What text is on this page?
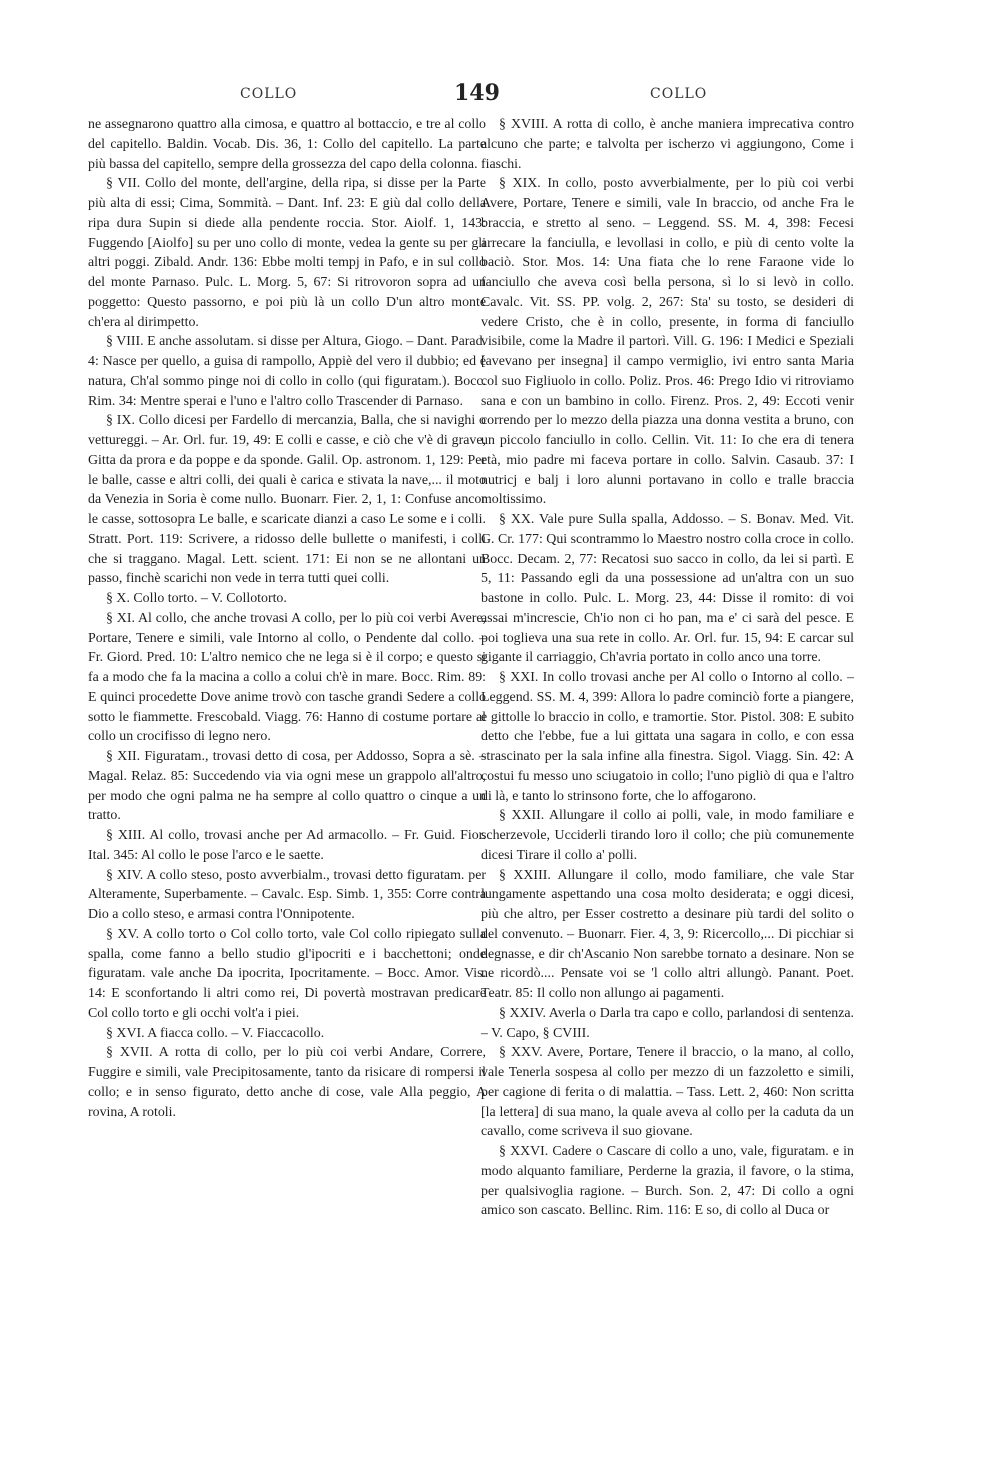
COLLO	149	COLLO

ne assegnarono quattro alla cimosa, e quattro al bottaccio, e tre al collo del capitello. Baldin. Vocab. Dis. 36, 1: Collo del capitello. La parte più bassa del capitello, sempre della grossezza del capo della colonna.

§ VII. Collo del monte, dell'argine, della ripa, si disse per la Parte più alta di essi; Cima, Sommità. – Dant. Inf. 23: E giù dal collo della ripa dura Supin si diede alla pendente roccia. Stor. Aiolf. 1, 143: Fuggendo [Aiolfo] su per uno collo di monte, vedea la gente su per gli altri poggi. Zibald. Andr. 136: Ebbe molti tempj in Pafo, e in sul collo del monte Parnaso. Pulc. L. Morg. 5, 67: Si ritrovoron sopra ad un poggetto: Questo passorno, e poi più là un collo D'un altro monte ch'era al dirimpetto.

§ VIII. E anche assolutam. si disse per Altura, Giogo. – Dant. Parad. 4: Nasce per quello, a guisa di rampollo, Appiè del vero il dubbio; ed è natura, Ch'al sommo pinge noi di collo in collo (qui figuratam.). Bocc. Rim. 34: Mentre sperai e l'uno e l'altro collo Trascender di Parnaso.

§ IX. Collo dicesi per Fardello di mercanzia, Balla, che si navighi o vettureggi. – Ar. Orl. fur. 19, 49: E colli e casse, e ciò che v'è di grave, Gitta da prora e da poppe e da sponde. Galil. Op. astronom. 1, 129: Per le balle, casse e altri colli, dei quali è carica e stivata la nave,... il moto da Venezia in Soria è come nullo. Buonarr. Fier. 2, 1, 1: Confuse ancor le casse, sottosopra Le balle, e scaricate dianzi a caso Le some e i colli. Stratt. Port. 119: Scrivere, a ridosso delle bullette o manifesti, i colli che si traggano. Magal. Lett. scient. 171: Ei non se ne allontani un passo, finchè scarichi non vede in terra tutti quei colli.

§ X. Collo torto. – V. Collotorto.

§ XI. Al collo, che anche trovasi A collo, per lo più coi verbi Avere, Portare, Tenere e simili, vale Intorno al collo, o Pendente dal collo. – Fr. Giord. Pred. 10: L'altro nemico che ne lega si è il corpo; e questo si fa a modo che fa la macina a collo a colui ch'è in mare. Bocc. Rim. 89: E quinci procedette Dove anime trovò con tasche grandi Sedere a collo sotto le fiammette. Frescobald. Viagg. 76: Hanno di costume portare al collo un crocifisso di legno nero.

§ XII. Figuratam., trovasi detto di cosa, per Addosso, Sopra a sè. – Magal. Relaz. 85: Succedendo via via ogni mese un grappolo all'altro, per modo che ogni palma ne ha sempre al collo quattro o cinque a un tratto.

§ XIII. Al collo, trovasi anche per Ad armacollo. – Fr. Guid. Fior. Ital. 345: Al collo le pose l'arco e le saette.

§ XIV. A collo steso, posto avverbialm., trovasi detto figuratam. per Alteramente, Superbamente. – Cavalc. Esp. Simb. 1, 355: Corre contra Dio a collo steso, e armasi contra l'Onnipotente.

§ XV. A collo torto o Col collo torto, vale Col collo ripiegato sulla spalla, come fanno a bello studio gl'ipocriti e i bacchettoni; onde figuratam. vale anche Da ipocrita, Ipocritamente. – Bocc. Amor. Vis. 14: E sconfortando li altri como rei, Di povertà mostravan predicare Col collo torto e gli occhi volt'a i piei.

§ XVI. A fiacca collo. – V. Fiaccacollo.

§ XVII. A rotta di collo, per lo più coi verbi Andare, Correre, Fuggire e simili, vale Precipitosamente, tanto da risicare di rompersi il collo; e in senso figurato, detto anche di cose, vale Alla peggio, A rovina, A rotoli.

§ XVIII. A rotta di collo, è anche maniera imprecativa contro alcuno che parte; e talvolta per ischerzo vi aggiungono, Come i fiaschi.

§ XIX. In collo, posto avverbialmente, per lo più coi verbi Avere, Portare, Tenere e simili, vale In braccio, od anche Fra le braccia, e stretto al seno. – Leggend. SS. M. 4, 398: Fecesi arrecare la fanciulla, e levollasi in collo, e più di cento volte la baciò. Stor. Mos. 14: Una fiata che lo rene Faraone vide lo fanciullo che aveva così bella persona, sì lo si levò in collo. Cavalc. Vit. SS. PP. volg. 2, 267: Sta' su tosto, se desideri di vedere Cristo, che è in collo, presente, in forma di fanciullo visibile, come la Madre il partorì. Vill. G. 196: I Medici e Speziali [avevano per insegna] il campo vermiglio, ivi entro santa Maria col suo Figliuolo in collo. Poliz. Pros. 46: Prego Idio vi ritroviamo sana e con un bambino in collo. Firenz. Pros. 2, 49: Eccoti venir correndo per lo mezzo della piazza una donna vestita a bruno, con un piccolo fanciullo in collo. Cellin. Vit. 11: Io che era di tenera età, mio padre mi faceva portare in collo. Salvin. Casaub. 37: I nutricj e balj i loro alunni portavano in collo e tralle braccia moltissimo.

§ XX. Vale pure Sulla spalla, Addosso. – S. Bonav. Med. Vit. G. Cr. 177: Qui scontrammo lo Maestro nostro colla croce in collo. Bocc. Decam. 2, 77: Recatosi suo sacco in collo, da lei si partì. E 5, 11: Passando egli da una possessione ad un'altra con un suo bastone in collo. Pulc. L. Morg. 23, 44: Disse il romito: di voi assai m'increscie, Ch'io non ci ho pan, ma e' ci sarà del pesce. E poi toglieva una sua rete in collo. Ar. Orl. fur. 15, 94: E carcar sul gigante il carriaggio, Ch'avria portato in collo anco una torre.

§ XXI. In collo trovasi anche per Al collo o Intorno al collo. – Leggend. SS. M. 4, 399: Allora lo padre cominciò forte a piangere, e gittolle lo braccio in collo, e tramortie. Stor. Pistol. 308: E subito detto che l'ebbe, fue a lui gittata una sagara in collo, e con essa strascinato per la sala infine alla finestra. Sigol. Viagg. Sin. 42: A costui fu messo uno sciugatoio in collo; l'uno pigliò di qua e l'altro di là, e tanto lo strinsono forte, che lo affogarono.

§ XXII. Allungare il collo ai polli, vale, in modo familiare e scherzevole, Ucciderli tirando loro il collo; che più comunemente dicesi Tirare il collo a' polli.

§ XXIII. Allungare il collo, modo familiare, che vale Star lungamente aspettando una cosa molto desiderata; e oggi dicesi, più che altro, per Esser costretto a desinare più tardi del solito o del convenuto. – Buonarr. Fier. 4, 3, 9: Ricercollo,... Di picchiar si degnasse, e dir ch'Ascanio Non sarebbe tornato a desinare. Non se ne ricordò.... Pensate voi se 'l collo altri allungò. Panant. Poet. Teatr. 85: Il collo non allungo ai pagamenti.

§ XXIV. Averla o Darla tra capo e collo, parlandosi di sentenza. – V. Capo, § CVIII.

§ XXV. Avere, Portare, Tenere il braccio, o la mano, al collo, vale Tenerla sospesa al collo per mezzo di un fazzoletto e simili, per cagione di ferita o di malattia. – Tass. Lett. 2, 460: Non scritta [la lettera] di sua mano, la quale aveva al collo per la caduta da un cavallo, come scriveva il suo giovane.

§ XXVI. Cadere o Cascare di collo a uno, vale, figuratam. e in modo alquanto familiare, Perderne la grazia, il favore, o la stima, per qualsivoglia ragione. – Burch. Son. 2, 47: Di collo a ogni amico son cascato. Bellinc. Rim. 116: E so, di collo al Duca or
